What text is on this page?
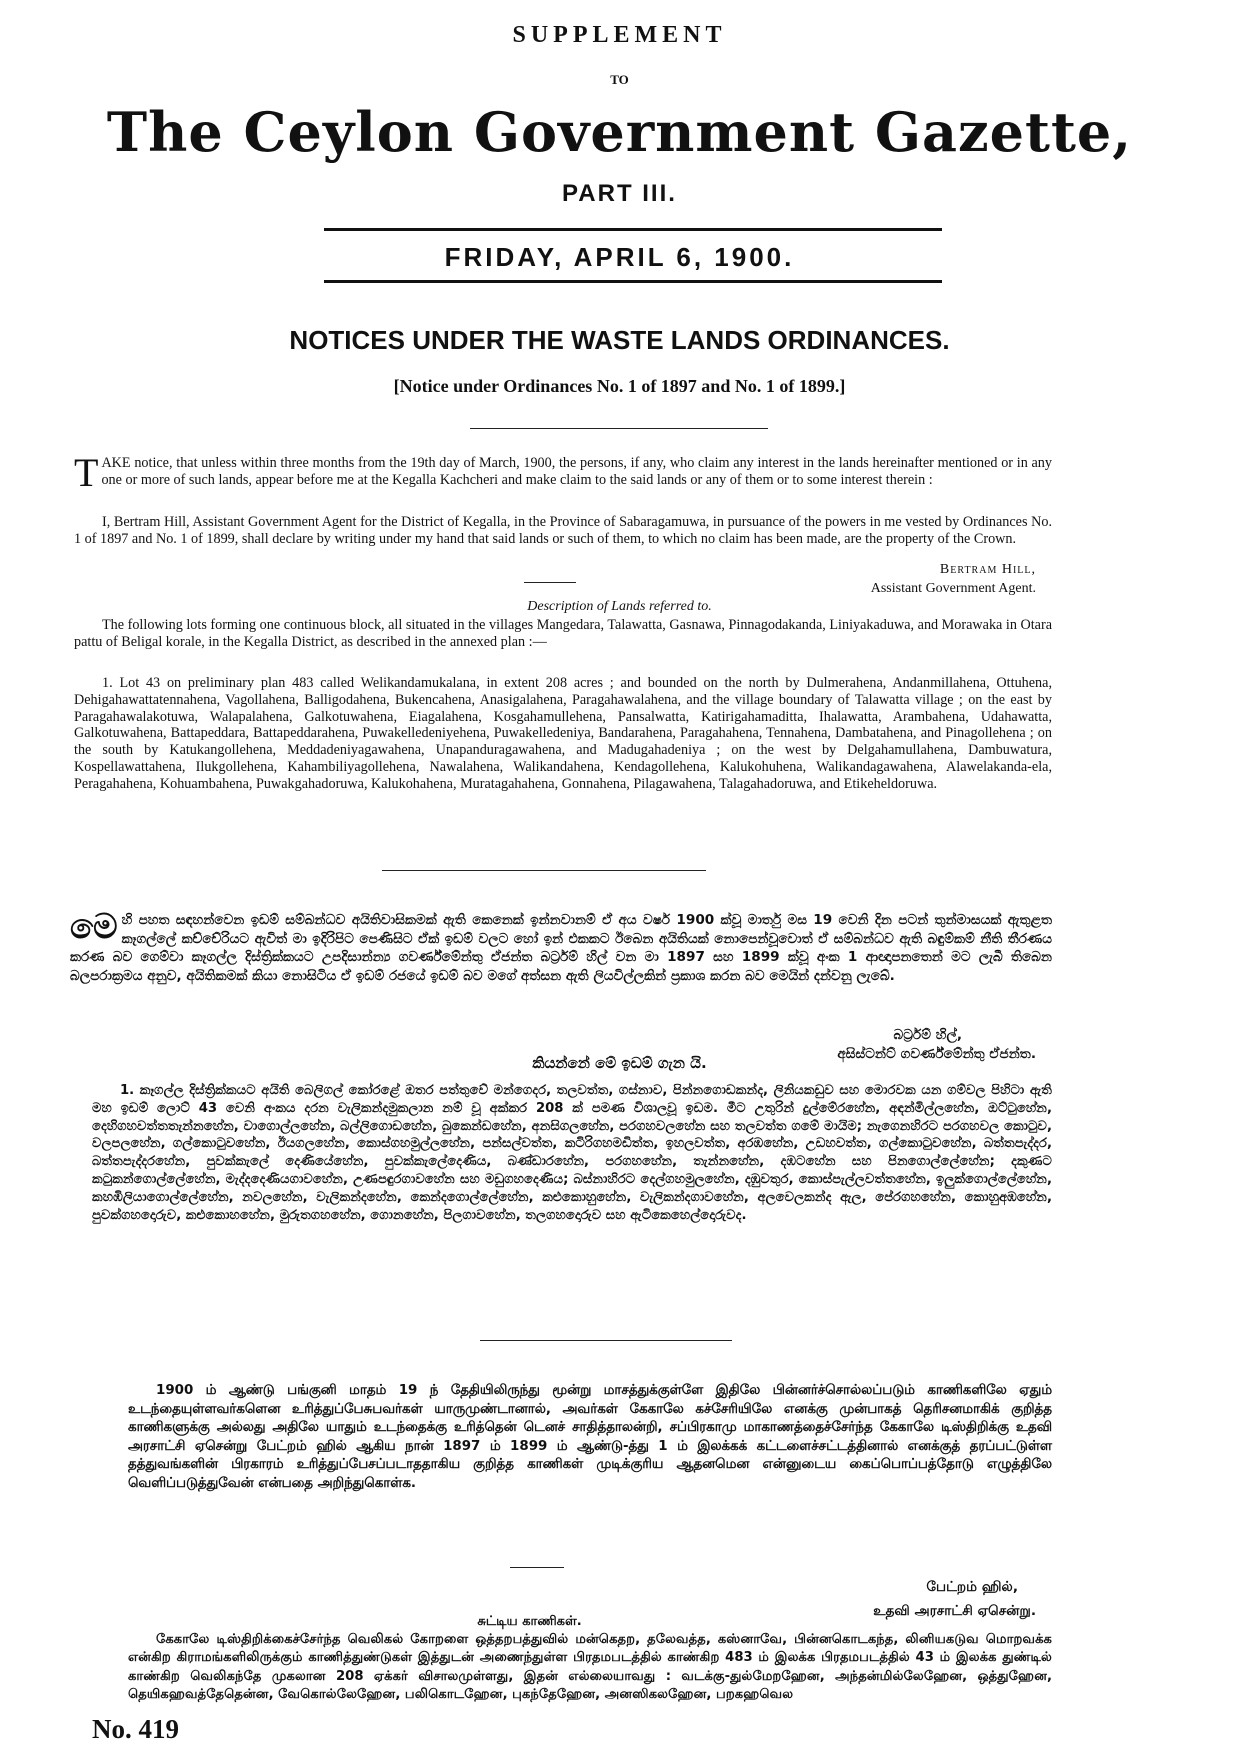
SUPPLEMENT
TO
The Ceylon Government Gazette,
PART III.
FRIDAY, APRIL 6, 1900.
NOTICES UNDER THE WASTE LANDS ORDINANCES.
[Notice under Ordinances No. 1 of 1897 and No. 1 of 1899.]
TAKE notice, that unless within three months from the 19th day of March, 1900, the persons, if any, who claim any interest in the lands hereinafter mentioned or in any one or more of such lands, appear before me at the Kegalla Kachcheri and make claim to the said lands or any of them or to some interest therein :
I, Bertram Hill, Assistant Government Agent for the District of Kegalla, in the Province of Sabaragamuwa, in pursuance of the powers in me vested by Ordinances No. 1 of 1897 and No. 1 of 1899, shall declare by writing under my hand that said lands or such of them, to which no claim has been made, are the property of the Crown.
Bertram Hill,
Assistant Government Agent.
Description of Lands referred to.
The following lots forming one continuous block, all situated in the villages Mangedara, Talawatta, Gasnawa, Pinnagodakanda, Liniyakaduwa, and Morawaka in Otara pattu of Beligal korale, in the Kegalla District, as described in the annexed plan :—
1. Lot 43 on preliminary plan 483 called Welikandamukalana, in extent 208 acres ; and bounded on the north by Dulmerahena, Andanmillahena, Ottuhena, Dehigahawattatennahena, Vagollahena, Balligodahena, Bukencahena, Anasigalahena, Paragahawalahena, and the village boundary of Talawatta village ; on the east by Paragahawalakotuwa, Walapalahena, Galkotuwahena, Eiagalahena, Kosgahamullehena, Pansalwatta, Katirigahamaditta, Ihalawatta, Arambahena, Udahawatta, Galkotuwahena, Battapeddara, Battapeddarahena, Puwakelledeniyehena, Puwakelledeniya, Bandarahena, Paragahahena, Tennahena, Dambatahena, and Pinagollehena ; on the south by Katukangollehena, Meddadeniyagawahena, Unapanduragawahena, and Madugahadeniya ; on the west by Delgahamullahena, Dambuwatura, Kospellawattahena, Ilukgollehena, Kahambiliyagollehena, Nawalahena, Walikandahena, Kendagollehena, Kalukohuhena, Walikandagawahena, Alawelakanda-ela, Peragahahena, Kohuambahena, Puwakgahadoruwa, Kalukohahena, Muratagahahena, Gonnahena, Pilagawahena, Talagahadoruwa, and Etikeheldoruwa.
මෙහි පහත සඳහන්වෙන ඉඩම් සම්බන්ධව අයිතිවාසිකමක් ඇති කෙනෙක් ඉන්නවානම් ඒ අය වර්ෂ 1900 ක්වූ මාර්තු මස 19 වෙනි දින පටන් තුන්මාසයක් ඇතුළත කෑගල්ලේ කච්චේරියට ඇවිත් මා ඉදිරිපිට පෙණිසිට ඒක් ඉඩම් වලට හෝ ඉන් එකකට ඊබෙන අයිතියක් නොපෙන්වූවොත් ඒ සම්බන්ධව ඇති බඳුම්කම් නීති තීරණය කරණ බව ගෙම්වා කෑගල්ල දිස්ත්‍රික්කයට උපදිසාන්න්‍ය ගවර්ණ්මේන්තු ඒජන්ත බර්ට්‍රම් හිල් වන මා 1897 සහ 1899 ක්වූ අංක 1 ආඥාපනතෙන් මට ලැබී තිබෙන බලපරාක්‍රමය අනුව, අයිතිකමක් කියා නොසිටිය ඒ ඉඩම් රජයේ ඉඩම් බව මගේ අත්සන ඇති ලියවිල්ලකින් ප්‍රකාශ කරන බව මෙයින් දන්වනු ලැබේ.
බර්ට්‍රම් හිල්,
අසිස්ටන්ට් ගවර්ණ්මේන්තු ඒජන්ත.
කියන්නේ මේ ඉඩම් ගැන යි.
1. කෑගල්ල දිස්ත්‍රික්කයට අයිති බෙලිගල් කෝරළේ ඔතර පත්තුවේ මන්ගෙදර, තලවත්ත, ගස්නාව, පින්නගොඩකන්ද, ලිනියකඩුව සහ මොරවක යන ගම්වල පිහිටා ඇති මහ ඉඩම් ලොට් 43 වෙනි අංකය දරන වැලිකන්දමුකලාන නම් වූ අක්කර 208 ක් පමණ විශාලවූ ඉඩම. මීට උතුරින් දුල්මේරහේන, අඳන්මිල්ලහේන, ඔට්ටුහේන, දෙහිගහවත්තතැන්නහේන, වාගොල්ලහේන, බල්ලිගොඩහේන, බුකෙන්ඩහේන, අනසිගලහේන, පරගහවලහේන සහ තලවත්ත ගමේ මායිම; නැගෙනහිරට පරගහවල කොටුව, වලපලහේන, ගල්කොටුවහේන, ඊයගලහේන, කොස්ගහමුල්ලහේන, පන්සල්වත්ත, කටිරිගහමඩිත්ත, ඉහලවත්ත, අරඹහේන, උඩහවත්ත, ගල්කොටුවහේන, බත්තපැද්දර, බත්තපැද්දරහේන, පුවක්කැලේ දෙණියේහේන, පුවක්කැලේදෙණිය, බණ්ඩාරහේන, පරගහහේන, තැන්නහේන, දඹටහේන සහ පිනගොල්ලේහේන; දකුණට කටුකන්ගොල්ලේහේන, මැද්දදෙණියගාවහේන, උණපඳුරගාවහේන සහ මඩුගහදෙණිය; බස්නාහිරට දෙල්ගහමුලහේන, දඹුවතුර, කොස්පැල්ලවත්තහේන, ඉලුක්ගොල්ලේහේන, කහඹිලියාගොල්ලේහේන, නවලහේන, වැලිකන්දහේන, කෙන්දගොල්ලේහේන, කළුකොහුහේන, වැලිකන්දගාවහේන, අලවෙලකන්ද ඇල, පේරගහහේන, කොහුඅඹහේන, පුවක්ගහදොරුව, කළුකොහහේන, මුරුතගහහේන, ගොනහේන, පිලගාවහේන, තලගහදොරුව සහ ඇටිකෙහෙල්දොරුවද.
1900 ம் ஆண்டு பங்குனி மாதம் 19 ந் தேதியிலிருந்து மூன்று மாசத்துக்குள்ளே இதிலே பின்னர்ச்சொல்லப்படும் காணிகளிலே ஏதும் உடந்தையுள்ளவர்களென உரித்துப்பேசுபவர்கள் யாருமுண்டானால், அவர்கள் கேகாலே கச்சேரியிலே எனக்கு முன்பாகத் தெரிசனமாகிக் குறித்த காணிகளுக்கு அல்லது அதிலே யாதும் உடந்தைக்கு உரித்தென் டெனச் சாதித்தாலன்றி, சப்பிரகாமு மாகாணத்தைச்சேர்ந்த கேகாலே டிஸ்திறிக்கு உதவி அரசாட்சி ஏசென்று பேட்றம் ஹில் ஆகிய நான் 1897 ம் 1899 ம் ஆண்டு-த்து 1 ம் இலக்கக் கட்டளைச்சட்டத்தினால் எனக்குத் தரப்பட்டுள்ள தத்துவங்களின் பிரகாரம் உரித்துப்பேசப்படாததாகிய குறித்த காணிகள் முடிக்குரிய ஆதனமென என்னுடைய கைப்பொப்பத்தோடு எழுத்திலே வெளிப்படுத்துவேன் என்பதை அறிந்துகொள்க.
பேட்றம் ஹில்,
உதவி அரசாட்சி ஏசென்று.
சுட்டிய காணிகள்.
கேகாலே டிஸ்திறிக்கைச்சேர்ந்த வெலிகல் கோறளை ஒத்தறபத்துவில் மன்கெதற, தலேவத்த, கஸ்னாவே, பின்னகொடகந்த, லினியகடுவ மொறவக்க என்கிற கிராமங்களிலிருக்கும் காணித்துண்டுகள் இத்துடன் அணைந்துள்ள பிரதமபடத்தில் காண்கிற 483 ம் இலக்க பிரதமபடத்தில் 43 ம் இலக்க துண்டில் காண்கிற வெலிகந்தே முகலான 208 ஏக்கர் விசாலமுள்ளது, இதன் எல்லையாவது : வடக்கு-துல்மேறஹேன, அந்தன்மில்லேஹேன, ஒத்துஹேன, தெயிகஹவத்தேதென்ன, வேகொல்லேஹேன, பலிகொடஹேன, புகந்தேஹேன, அனஸிகலஹேன, பறகஹவெல
No. 419
